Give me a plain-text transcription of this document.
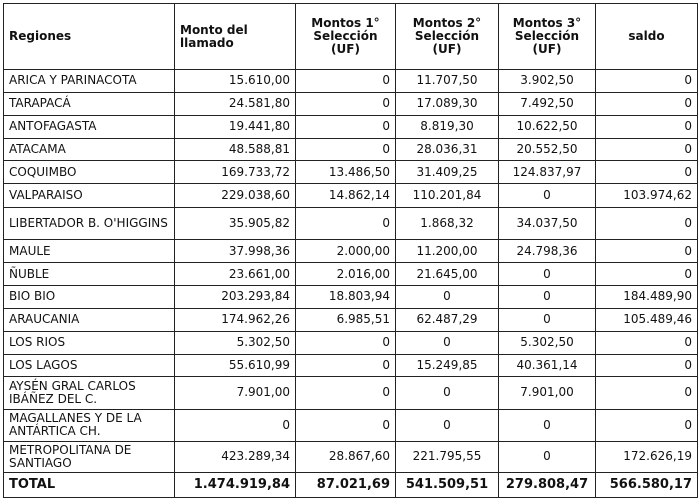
Regiones	Monto del llamado	Montos 1° Selección (UF)	Montos 2° Selección (UF)	Montos 3° Selección (UF)	saldo
ARICA Y PARINACOTA	15.610,00	0	11.707,50	3.902,50	0
TARAPACÁ	24.581,80	0	17.089,30	7.492,50	0
ANTOFAGASTA	19.441,80	0	8.819,30	10.622,50	0
ATACAMA	48.588,81	0	28.036,31	20.552,50	0
COQUIMBO	169.733,72	13.486,50	31.409,25	124.837,97	0
VALPARAISO	229.038,60	14.862,14	110.201,84	0	103.974,62
LIBERTADOR B. O'HIGGINS	35.905,82	0	1.868,32	34.037,50	0
MAULE	37.998,36	2.000,00	11.200,00	24.798,36	0
ÑUBLE	23.661,00	2.016,00	21.645,00	0	0
BIO BIO	203.293,84	18.803,94	0	0	184.489,90
ARAUCANIA	174.962,26	6.985,51	62.487,29	0	105.489,46
LOS RIOS	5.302,50	0	0	5.302,50	0
LOS LAGOS	55.610,99	0	15.249,85	40.361,14	0
AYSÉN GRAL CARLOS IBÁÑEZ DEL C.	7.901,00	0	0	7.901,00	0
MAGALLANES Y DE LA ANTÁRTICA CH.	0	0	0	0	0
METROPOLITANA DE SANTIAGO	423.289,34	28.867,60	221.795,55	0	172.626,19
TOTAL	1.474.919,84	87.021,69	541.509,51	279.808,47	566.580,17
